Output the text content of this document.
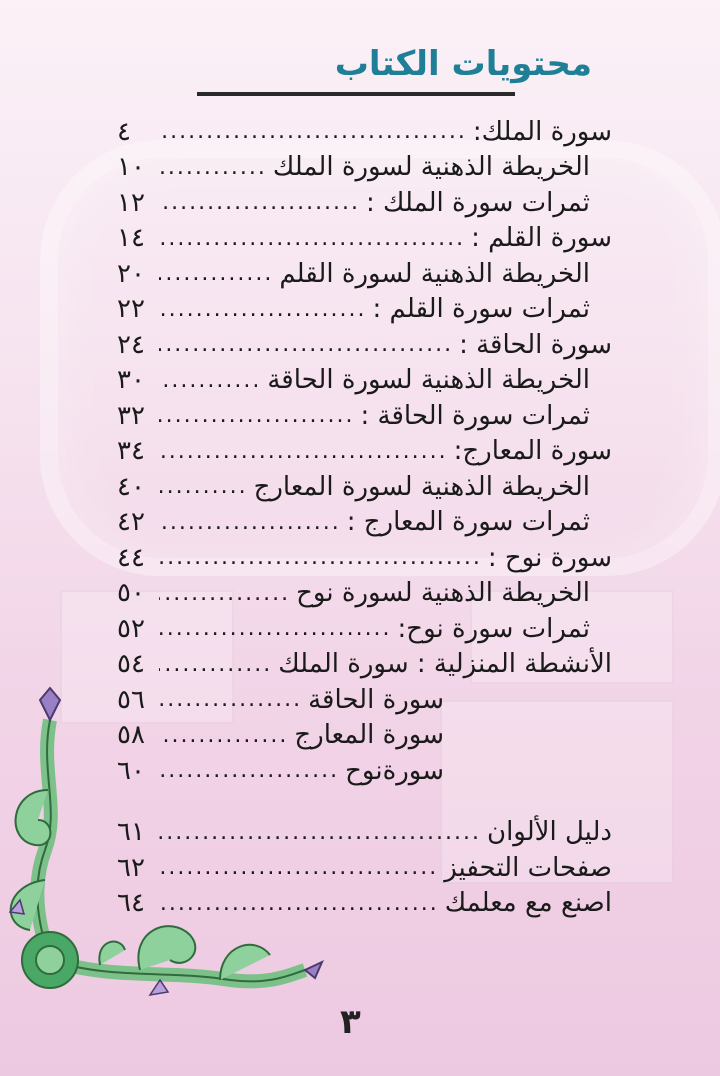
محتويات الكتاب
سورة الملك:
.....
٤
الخريطة الذهنية لسورة الملك
.....
١٠
ثمرات سورة الملك :
.....
١٢
سورة القلم :
.....
١٤
الخريطة الذهنية لسورة القلم
.....
٢٠
ثمرات سورة القلم :
.....
٢٢
سورة الحاقة :
.....
٢٤
الخريطة الذهنية لسورة الحاقة
.....
٣٠
ثمرات سورة الحاقة :
.....
٣٢
سورة المعارج:
.....
٣٤
الخريطة الذهنية لسورة المعارج
.....
٤٠
ثمرات سورة المعارج :
.....
٤٢
سورة نوح :
.....
٤٤
الخريطة الذهنية لسورة نوح
.....
٥٠
ثمرات سورة نوح:
.....
٥٢
الأنشطة المنزلية : سورة الملك
.....
٥٤
سورة الحاقة
.....
٥٦
سورة المعارج
.....
٥٨
سورةنوح
.....
٦٠
دليل الألوان
.....
٦١
صفحات التحفيز
.....
٦٢
اصنع مع معلمك
.....
٦٤
٣
